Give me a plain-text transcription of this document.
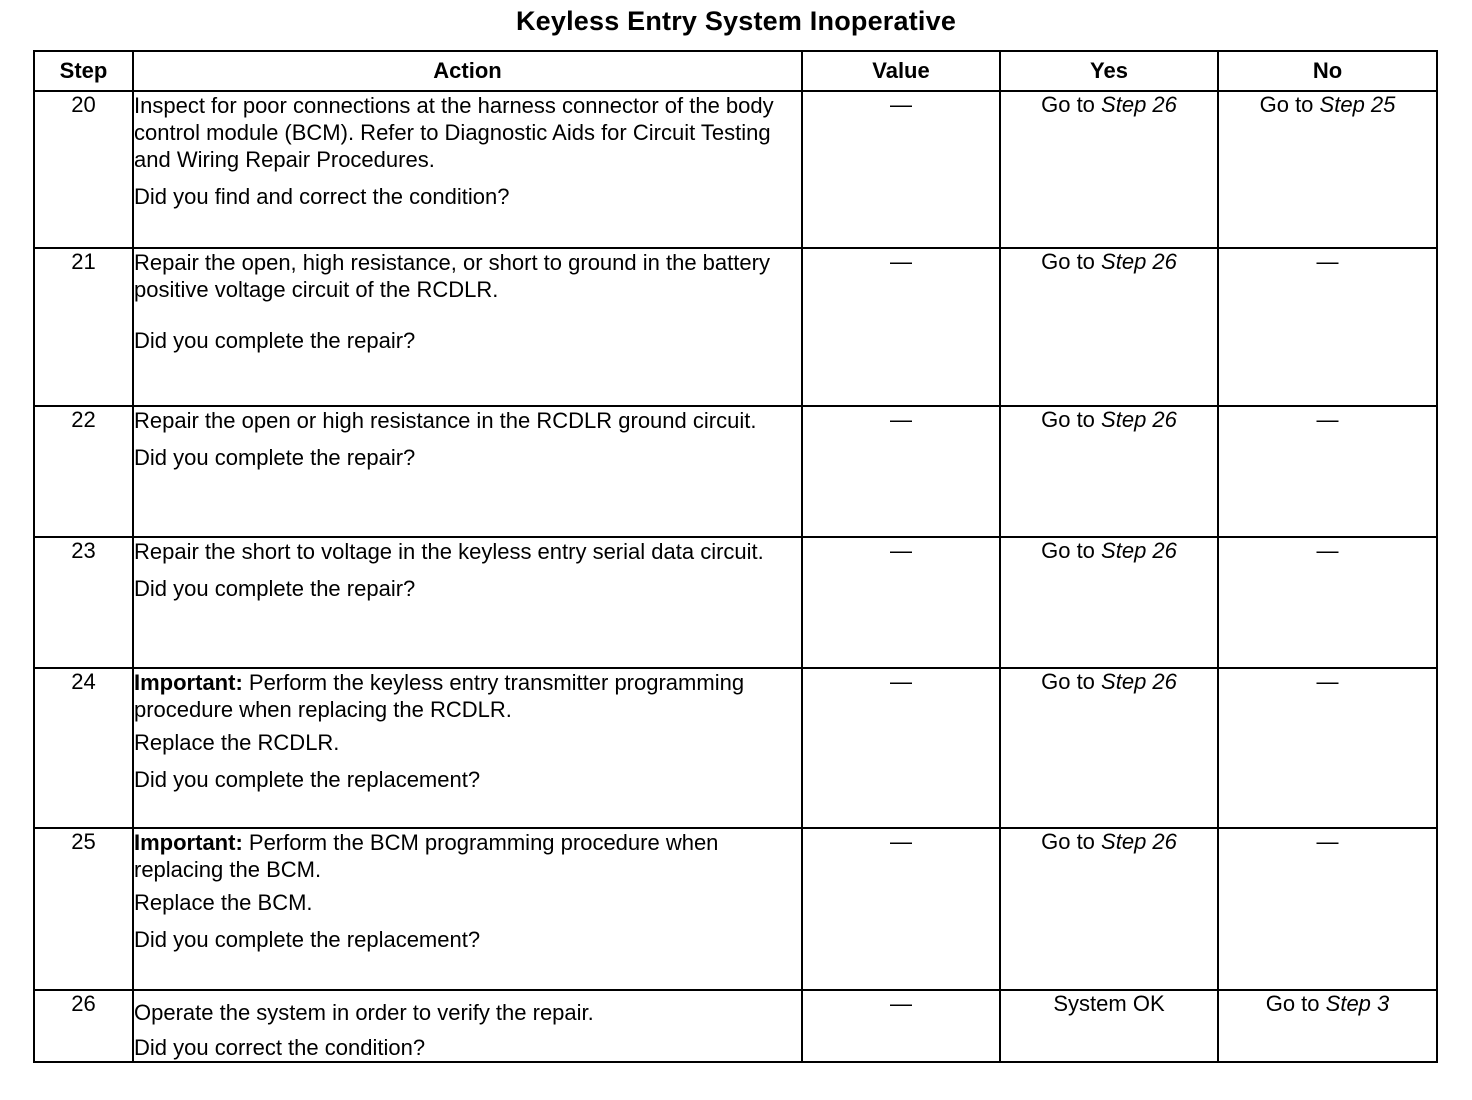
Keyless Entry System Inoperative
Step	Action	Value	Yes	No
20	Inspect for poor connections at the harness connector of the body control module (BCM). Refer to Diagnostic Aids for Circuit Testing and Wiring Repair Procedures.

Did you find and correct the condition?	—	Go to Step 26	Go to Step 25
21	Repair the open, high resistance, or short to ground in the battery positive voltage circuit of the RCDLR.

Did you complete the repair?	—	Go to Step 26	—
22	Repair the open or high resistance in the RCDLR ground circuit.

Did you complete the repair?	—	Go to Step 26	—
23	Repair the short to voltage in the keyless entry serial data circuit.

Did you complete the repair?	—	Go to Step 26	—
24	Important: Perform the keyless entry transmitter programming procedure when replacing the RCDLR.

Replace the RCDLR.

Did you complete the replacement?	—	Go to Step 26	—
25	Important: Perform the BCM programming procedure when replacing the BCM.

Replace the BCM.

Did you complete the replacement?	—	Go to Step 26	—
26	Operate the system in order to verify the repair.

Did you correct the condition?	—	System OK	Go to Step 3
